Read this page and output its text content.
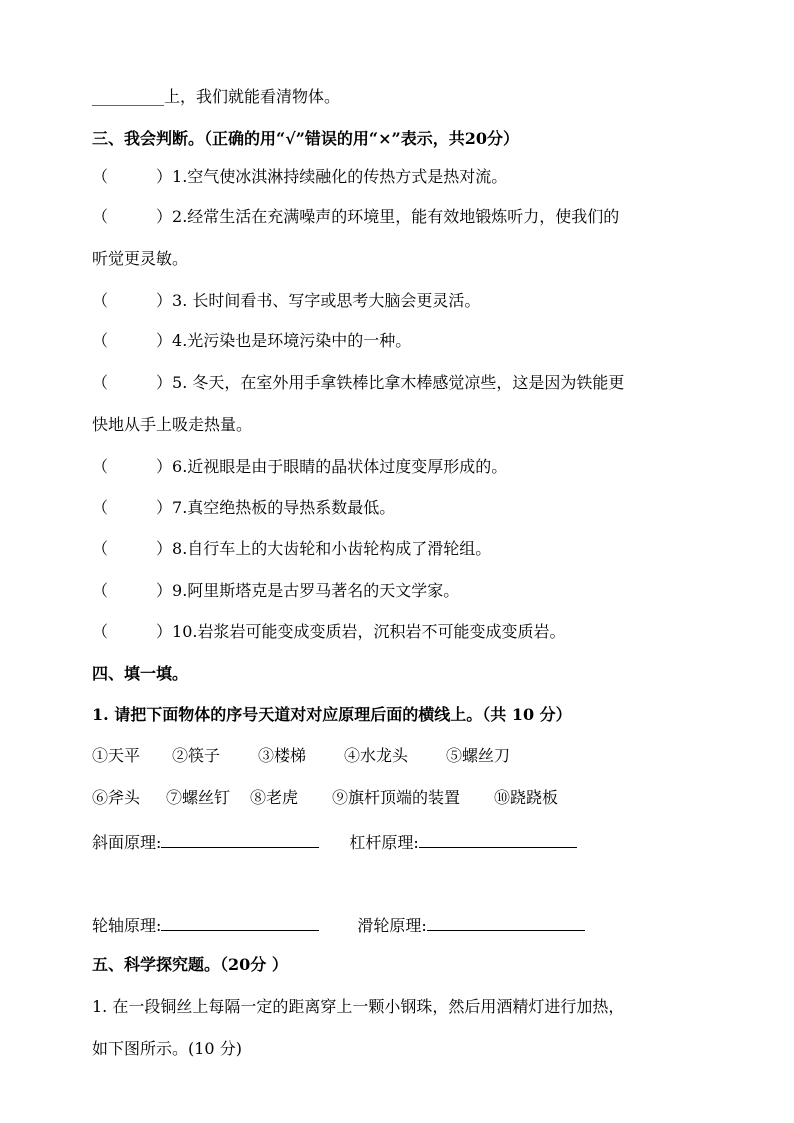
_________上，我们就能看清物体。
三、我会判断。（正确的用“√”错误的用“×”表示，共20分）
（　　　）1.空气使冰淇淋持续融化的传热方式是热对流。
（　　　）2.经常生活在充满噪声的环境里，能有效地锻炼听力，使我们的
听觉更灵敏。
（　　　）3. 长时间看书、写字或思考大脑会更灵活。
（　　　）4.光污染也是环境污染中的一种。
（　　　）5. 冬天，在室外用手拿铁棒比拿木棒感觉凉些，这是因为铁能更
快地从手上吸走热量。
（　　　）6.近视眼是由于眼睛的晶状体过度变厚形成的。
（　　　）7.真空绝热板的导热系数最低。
（　　　）8.自行车上的大齿轮和小齿轮构成了滑轮组。
（　　　）9.阿里斯塔克是古罗马著名的天文学家。
（　　　）10.岩浆岩可能变成变质岩，沉积岩不可能变成变质岩。
四、填一填。
1. 请把下面物体的序号天道对对应原理后面的横线上。（共 10 分）
①天平 ②筷子 ③楼梯 ④水龙头 ⑤螺丝刀
⑥斧头 ⑦螺丝钉 ⑧老虎 ⑨旗杆顶端的装置 ⑩跷跷板
斜面原理:	杠杆原理:
轮轴原理:	滑轮原理:
五、科学探究题。（20分 ）
1. 在一段铜丝上每隔一定的距离穿上一颗小钢珠，然后用酒精灯进行加热，
如下图所示。(10 分)
